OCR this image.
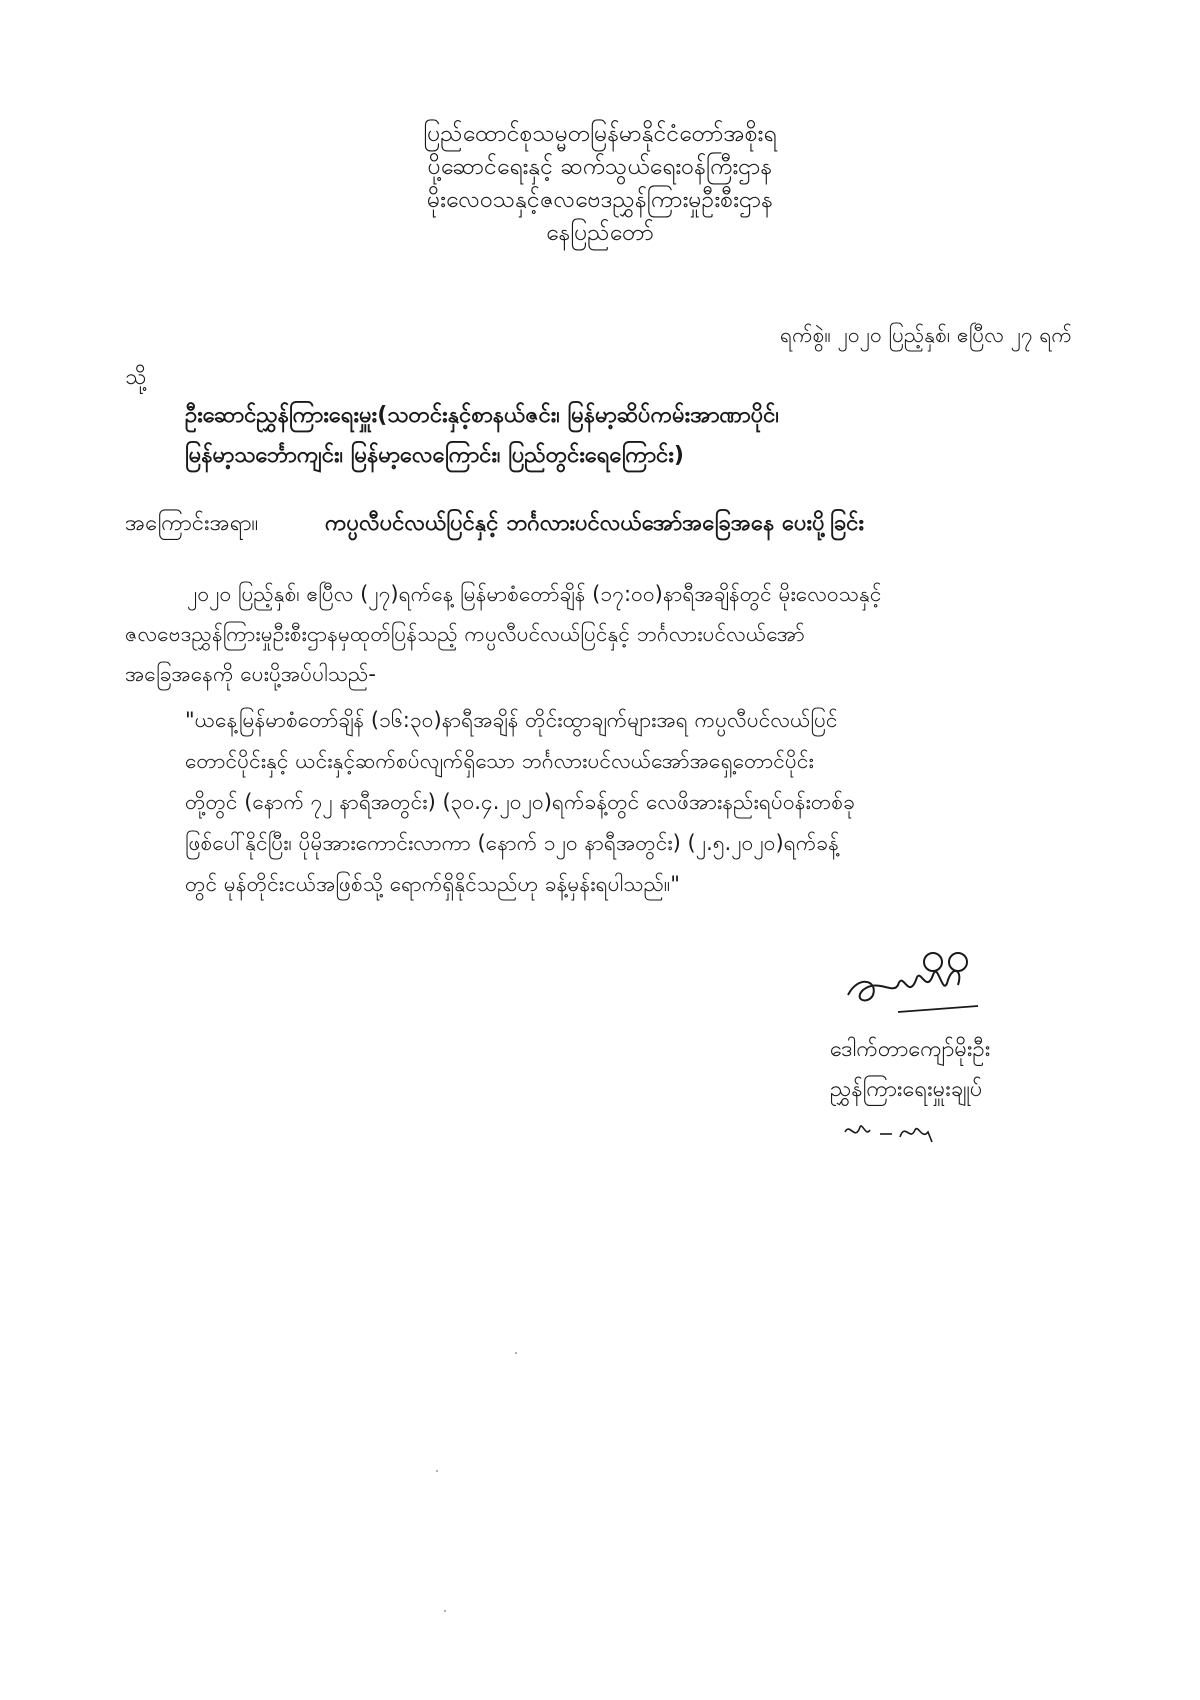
ပြည်ထောင်စုသမ္မတမြန်မာနိုင်ငံတော်အစိုးရ
ပို့ဆောင်ရေးနှင့် ဆက်သွယ်ရေးဝန်ကြီးဌာန
မိုးလေဝသနှင့်ဇလဗေဒညွှန်ကြားမှုဦးစီးဌာန
နေပြည်တော်
ရက်စွဲ။ ၂၀၂၀ ပြည့်နှစ်၊ ဧပြီလ ၂၇ ရက်
သို့
ဦးဆောင်ညွှန်ကြားရေးမှူး(သတင်းနှင့်စာနယ်ဇင်း၊ မြန်မာ့ဆိပ်ကမ်းအာဏာပိုင်၊
မြန်မာ့သင်္ဘောကျင်း၊ မြန်မာ့လေကြောင်း၊ ပြည်တွင်းရေကြောင်း)
အကြောင်းအရာ။	ကပ္ပလီပင်လယ်ပြင်နှင့် ဘင်္ဂလားပင်လယ်အော်အခြေအနေ ပေးပို့ခြင်း
၂၀၂၀ ပြည့်နှစ်၊ ဧပြီလ (၂၇)ရက်နေ့ မြန်မာစံတော်ချိန် (၁၇:၀၀)နာရီအချိန်တွင် မိုးလေဝသနှင့်
ဇလဗေဒညွှန်ကြားမှုဦးစီးဌာနမှထုတ်ပြန်သည့် ကပ္ပလီပင်လယ်ပြင်နှင့် ဘင်္ဂလားပင်လယ်အော်
အခြေအနေကို ပေးပို့အပ်ပါသည်-
"ယနေ့မြန်မာစံတော်ချိန် (၁၆:၃၀)နာရီအချိန် တိုင်းထွာချက်များအရ ကပ္ပလီပင်လယ်ပြင်
တောင်ပိုင်းနှင့် ယင်းနှင့်ဆက်စပ်လျက်ရှိသော ဘင်္ဂလားပင်လယ်အော်အရှေ့တောင်ပိုင်း
တို့တွင် (နောက် ၇၂ နာရီအတွင်း) (၃၀.၄.၂၀၂၀)ရက်ခန့်တွင် လေဖိအားနည်းရပ်ဝန်းတစ်ခု
ဖြစ်ပေါ်နိုင်ပြီး၊ ပိုမိုအားကောင်းလာကာ (နောက် ၁၂၀ နာရီအတွင်း) (၂.၅.၂၀၂၀)ရက်ခန့်
တွင် မုန်တိုင်းငယ်အဖြစ်သို့ ရောက်ရှိနိုင်သည်ဟု ခန့်မှန်းရပါသည်။"
ဒေါက်တာကျော်မိုးဦး
ညွှန်ကြားရေးမှူးချုပ်
